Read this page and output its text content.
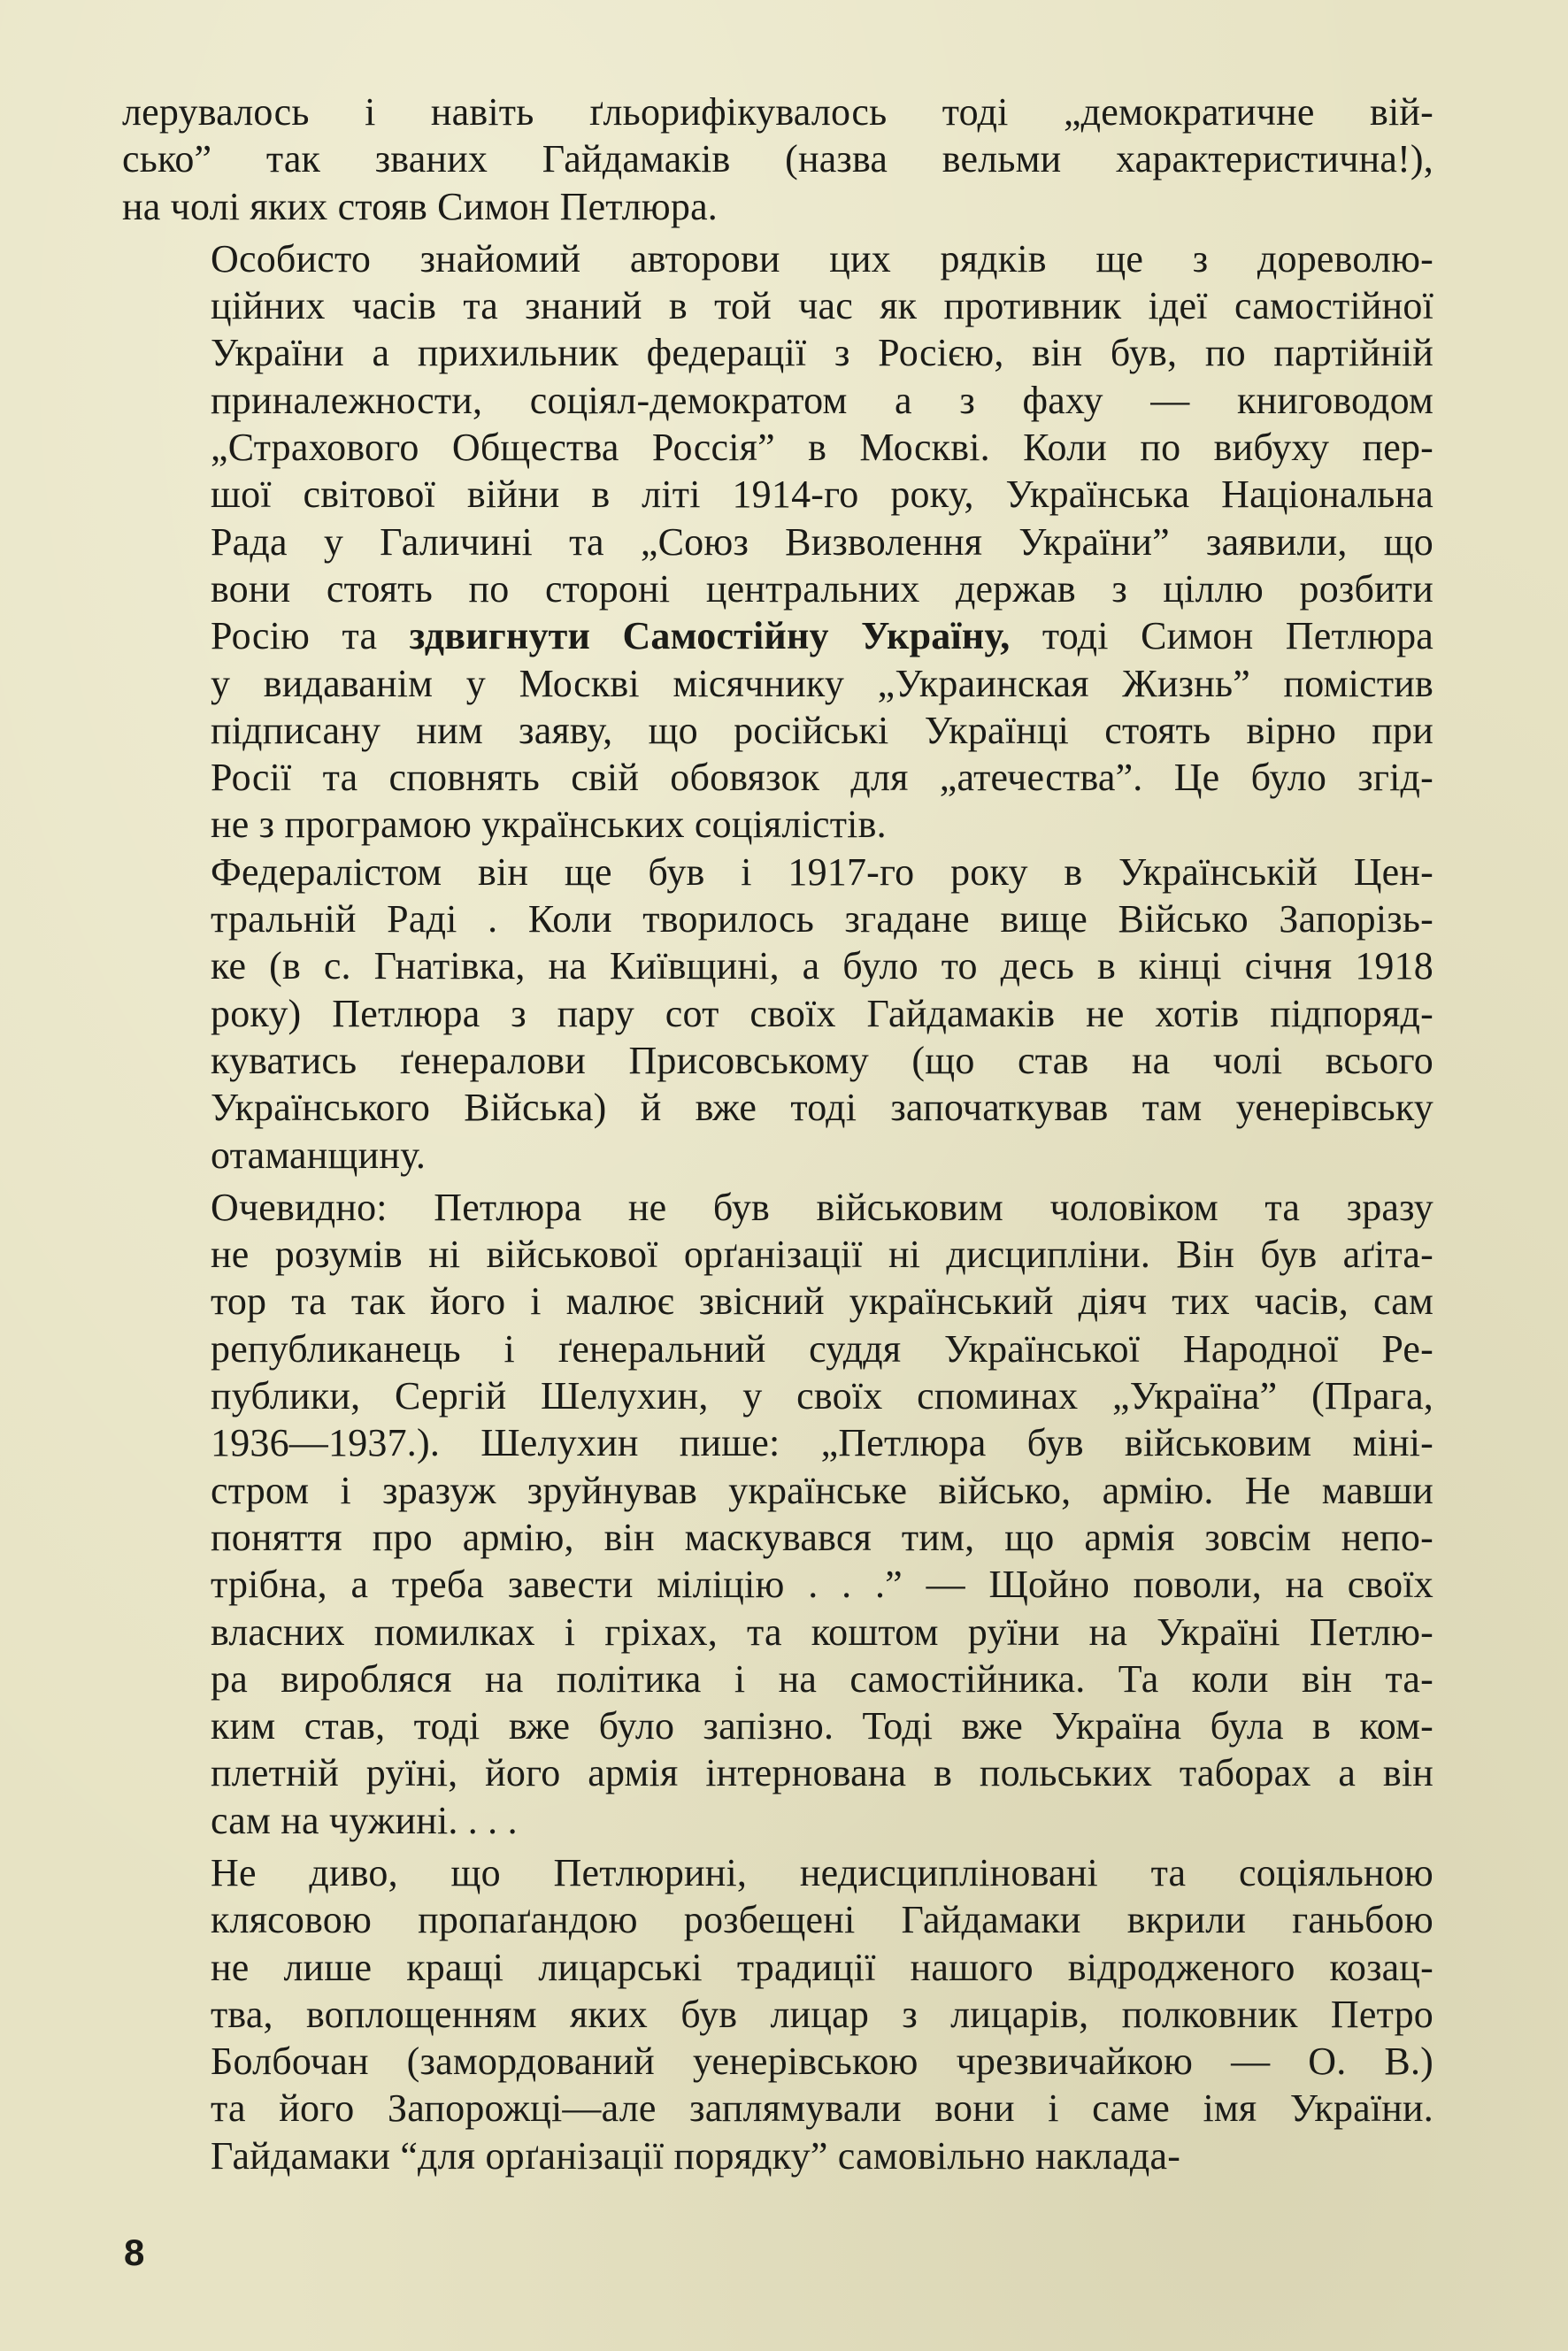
лерувалось і навіть ґльорифікувалось тоді „демократичне вій-
сько” так званих Гайдамаків (назва вельми характеристична!),
на чолі яких стояв Симон Петлюра.
Особисто знайомий авторови цих рядків ще з дореволю-
ційних часів та знаний в той час як противник ідеї самостійної
України а прихильник федерації з Росією, він був, по партійній
приналежности, соціял-демократом а з фаху — книговодом
„Страхового Общества Россія” в Москві. Коли по вибуху пер-
шої світової війни в літі 1914-го року, Українська Національна
Рада у Галичині та „Союз Визволення України” заявили, що
вони стоять по стороні центральних держав з ціллю розбити
Росію та здвигнути Самостійну Україну, тоді Симон Петлюра
у видаванім у Москві місячнику „Украинская Жизнь” помістив
підписану ним заяву, що російські Українці стоять вірно при
Росії та сповнять свій обовязок для „атечества”. Це було згід-
не з програмою українських соціялістів.
Федералістом він ще був і 1917-го року в Українській Цен-
тральній Раді . Коли творилось згадане вище Військо Запорізь-
ке (в с. Гнатівка, на Київщині, а було то десь в кінці січня 1918
року) Петлюра з пару сот своїх Гайдамаків не хотів підпоряд-
куватись ґенералови Присовському (що став на чолі всього
Українського Війська) й вже тоді започаткував там уенерівську
отаманщину.
Очевидно: Петлюра не був військовим чоловіком та зразу
не розумів ні військової орґанізації ні дисципліни. Він був аґіта-
тор та так його і малює звісний український діяч тих часів, сам
републиканець і ґенеральний суддя Української Народної Ре-
публики, Сергій Шелухин, у своїх споминах „Україна” (Прага,
1936—1937.). Шелухин пише: „Петлюра був військовим міні-
стром і зразуж зруйнував українське військо, армію. Не мавши
поняття про армію, він маскувався тим, що армія зовсім непо-
трібна, а треба завести міліцію . . .” — Щойно поволи, на своїх
власних помилках і гріхах, та коштом руїни на Україні Петлю-
ра виробляся на політика і на самостійника. Та коли він та-
ким став, тоді вже було запізно. Тоді вже Україна була в ком-
плетній руїні, його армія інтернована в польських таборах а він
сам на чужині. . . .
Не диво, що Петлюрині, недисципліновані та соціяльною
клясовою пропаґандою розбещені Гайдамаки вкрили ганьбою
не лише кращі лицарські традиції нашого відродженого козац-
тва, воплощенням яких був лицар з лицарів, полковник Петро
Болбочан (замордований уенерівською чрезвичайкою — О. В.)
та його Запорожці—але заплямували вони і саме імя України.
Гайдамаки “для орґанізації порядку” самовільно наклада-
8
